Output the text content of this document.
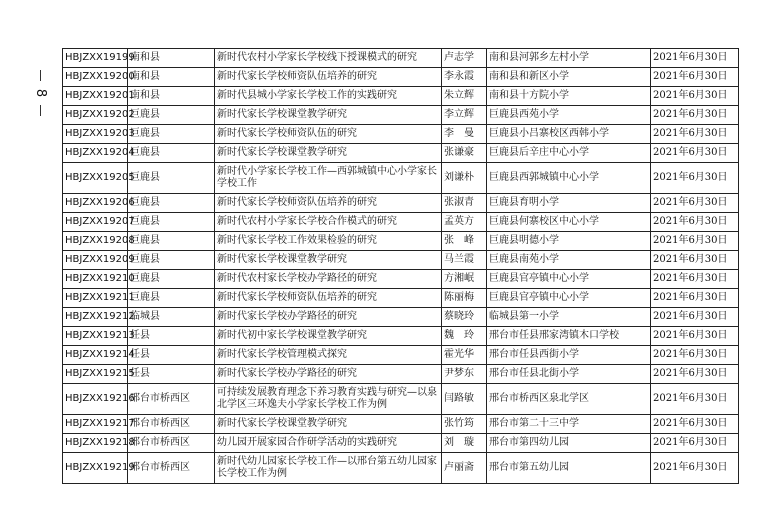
8
HBJZXX19199	南和县	新时代农村小学家长学校线下授课模式的研究	卢志学	南和县河郭乡左村小学	2021年6月30日
HBJZXX19200	南和县	新时代家长学校师资队伍培养的研究	李永霞	南和县和新区小学	2021年6月30日
HBJZXX19201	南和县	新时代县城小学家长学校工作的实践研究	朱立辉	南和县十方院小学	2021年6月30日
HBJZXX19202	巨鹿县	新时代家长学校课堂教学研究	李立辉	巨鹿县西苑小学	2021年6月30日
HBJZXX19203	巨鹿县	新时代家长学校师资队伍的研究	李　曼	巨鹿县小吕寨校区西韩小学	2021年6月30日
HBJZXX19204	巨鹿县	新时代家长学校课堂教学研究	张谦豪	巨鹿县后辛庄中心小学	2021年6月30日
HBJZXX19205	巨鹿县	新时代小学家长学校工作—西郭城镇中心小学家长学校工作	刘谦朴	巨鹿县西郭城镇中心小学	2021年6月30日
HBJZXX19206	巨鹿县	新时代家长学校师资队伍培养的研究	张淑青	巨鹿县育明小学	2021年6月30日
HBJZXX19207	巨鹿县	新时代农村小学家长学校合作模式的研究	孟英方	巨鹿县何寨校区中心小学	2021年6月30日
HBJZXX19208	巨鹿县	新时代家长学校工作效果检验的研究	张　峰	巨鹿县明德小学	2021年6月30日
HBJZXX19209	巨鹿县	新时代家长学校课堂教学研究	马兰霞	巨鹿县南苑小学	2021年6月30日
HBJZXX19210	巨鹿县	新时代农村家长学校办学路径的研究	方湘岷	巨鹿县官亭镇中心小学	2021年6月30日
HBJZXX19211	巨鹿县	新时代家长学校师资队伍培养的研究	陈丽梅	巨鹿县官亭镇中心小学	2021年6月30日
HBJZXX19212	临城县	新时代家长学校办学路径的研究	蔡晓玲	临城县第一小学	2021年6月30日
HBJZXX19213	任县	新时代初中家长学校课堂教学研究	魏　玲	邢台市任县邢家湾镇木口学校	2021年6月30日
HBJZXX19214	任县	新时代家长学校管理模式探究	霍光华	邢台市任县西街小学	2021年6月30日
HBJZXX19215	任县	新时代家长学校办学路径的研究	尹梦东	邢台市任县北街小学	2021年6月30日
HBJZXX19216	邢台市桥西区	可持续发展教育理念下养习教育实践与研究—以泉北学区三环逸夫小学家长学校工作为例	闫路敏	邢台市桥西区泉北学区	2021年6月30日
HBJZXX19217	邢台市桥西区	新时代家长学校课堂教学研究	张竹筠	邢台市第二十三中学	2021年6月30日
HBJZXX19218	邢台市桥西区	幼儿园开展家园合作研学活动的实践研究	刘　璇	邢台市第四幼儿园	2021年6月30日
HBJZXX19219	邢台市桥西区	新时代幼儿园家长学校工作—以邢台第五幼儿园家长学校工作为例	卢丽斋	邢台市第五幼儿园	2021年6月30日
